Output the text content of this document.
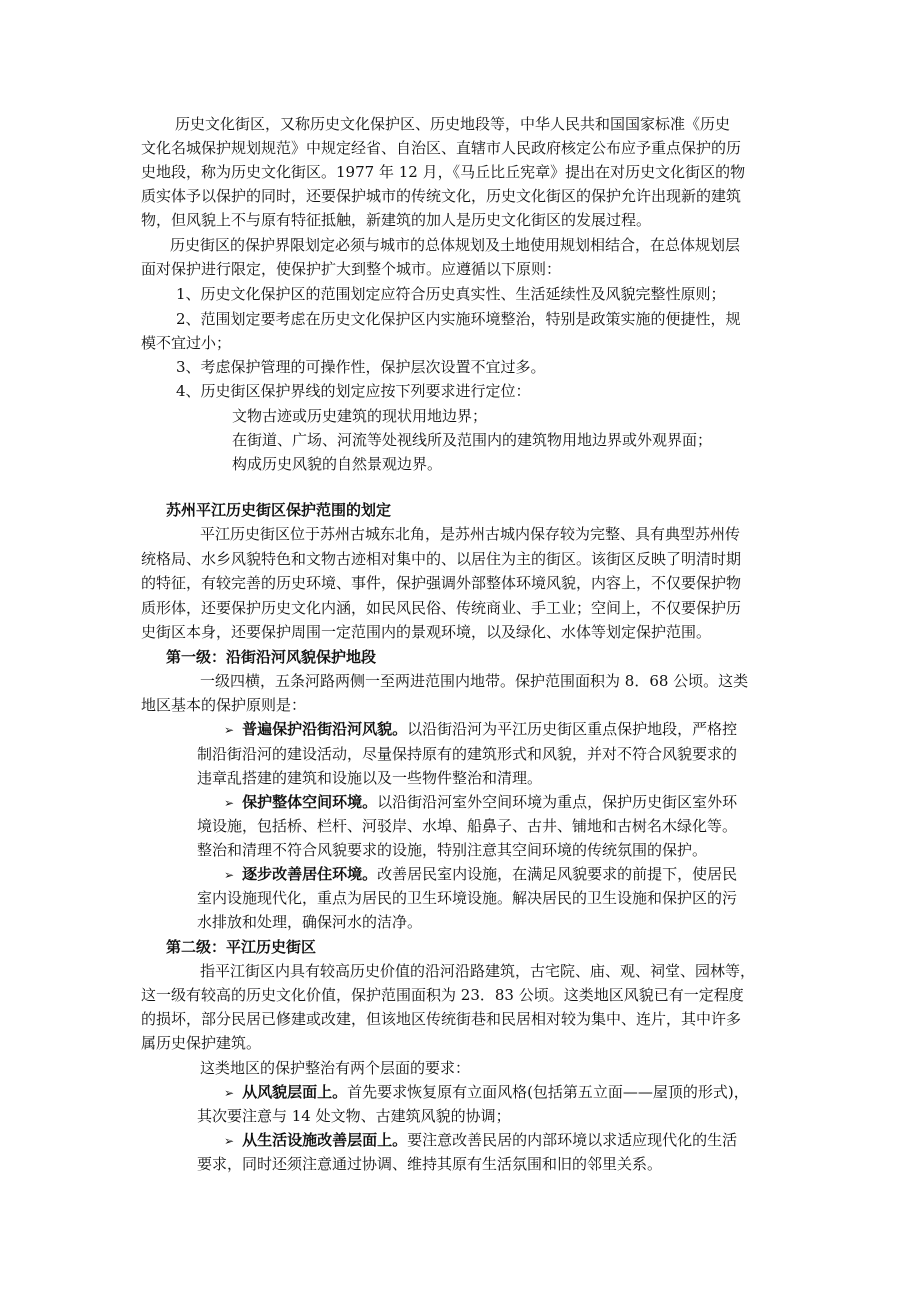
历史文化街区，又称历史文化保护区、历史地段等，中华人民共和国国家标准《历史

文化名城保护规划规范》中规定经省、自治区、直辖市人民政府核定公布应予重点保护的历

史地段，称为历史文化街区。1977 年 12 月，《马丘比丘宪章》提出在对历史文化街区的物

质实体予以保护的同时，还要保护城市的传统文化，历史文化街区的保护允许出现新的建筑

物，但风貌上不与原有特征抵触，新建筑的加人是历史文化街区的发展过程。

历史街区的保护界限划定必须与城市的总体规划及土地使用规划相结合，在总体规划层

面对保护进行限定，使保护扩大到整个城市。应遵循以下原则：

1、历史文化保护区的范围划定应符合历史真实性、生活延续性及风貌完整性原则；

2、范围划定要考虑在历史文化保护区内实施环境整治，特别是政策实施的便捷性，规

模不宜过小；

3、考虑保护管理的可操作性，保护层次设置不宜过多。

4、历史街区保护界线的划定应按下列要求进行定位：

文物古迹或历史建筑的现状用地边界；

在街道、广场、河流等处视线所及范围内的建筑物用地边界或外观界面；

构成历史风貌的自然景观边界。

苏州平江历史街区保护范围的划定

平江历史街区位于苏州古城东北角，是苏州古城内保存较为完整、具有典型苏州传

统格局、水乡风貌特色和文物古迹相对集中的、以居住为主的街区。该街区反映了明清时期

的特征，有较完善的历史环境、事件，保护强调外部整体环境风貌，内容上，不仅要保护物

质形体，还要保护历史文化内涵，如民风民俗、传统商业、手工业；空间上，不仅要保护历

史街区本身，还要保护周围一定范围内的景观环境，以及绿化、水体等划定保护范围。

第一级：沿街沿河风貌保护地段

一级四横，五条河路两侧一至两进范围内地带。保护范围面积为 8．68 公顷。这类

地区基本的保护原则是：

➢ 普遍保护沿街沿河风貌。以沿街沿河为平江历史街区重点保护地段，严格控

制沿街沿河的建设活动，尽量保持原有的建筑形式和风貌，并对不符合风貌要求的

违章乱搭建的建筑和设施以及一些物件整治和清理。

➢ 保护整体空间环境。以沿街沿河室外空间环境为重点，保护历史街区室外环

境设施，包括桥、栏杆、河驳岸、水埠、船鼻子、古井、铺地和古树名木绿化等。

整治和清理不符合风貌要求的设施，特别注意其空间环境的传统氛围的保护。

➢ 逐步改善居住环境。改善居民室内设施，在满足风貌要求的前提下，使居民

室内设施现代化，重点为居民的卫生环境设施。解决居民的卫生设施和保护区的污

水排放和处理，确保河水的洁净。

第二级：平江历史街区

指平江街区内具有较高历史价值的沿河沿路建筑，古宅院、庙、观、祠堂、园林等，

这一级有较高的历史文化价值，保护范围面积为 23．83 公顷。这类地区风貌已有一定程度

的损坏，部分民居已修建或改建，但该地区传统街巷和民居相对较为集中、连片，其中许多

属历史保护建筑。

这类地区的保护整治有两个层面的要求：

➢ 从风貌层面上。首先要求恢复原有立面风格(包括第五立面——屋顶的形式)，

其次要注意与 14 处文物、古建筑风貌的协调；

➢ 从生活设施改善层面上。要注意改善民居的内部环境以求适应现代化的生活

要求，同时还须注意通过协调、维持其原有生活氛围和旧的邻里关系。
